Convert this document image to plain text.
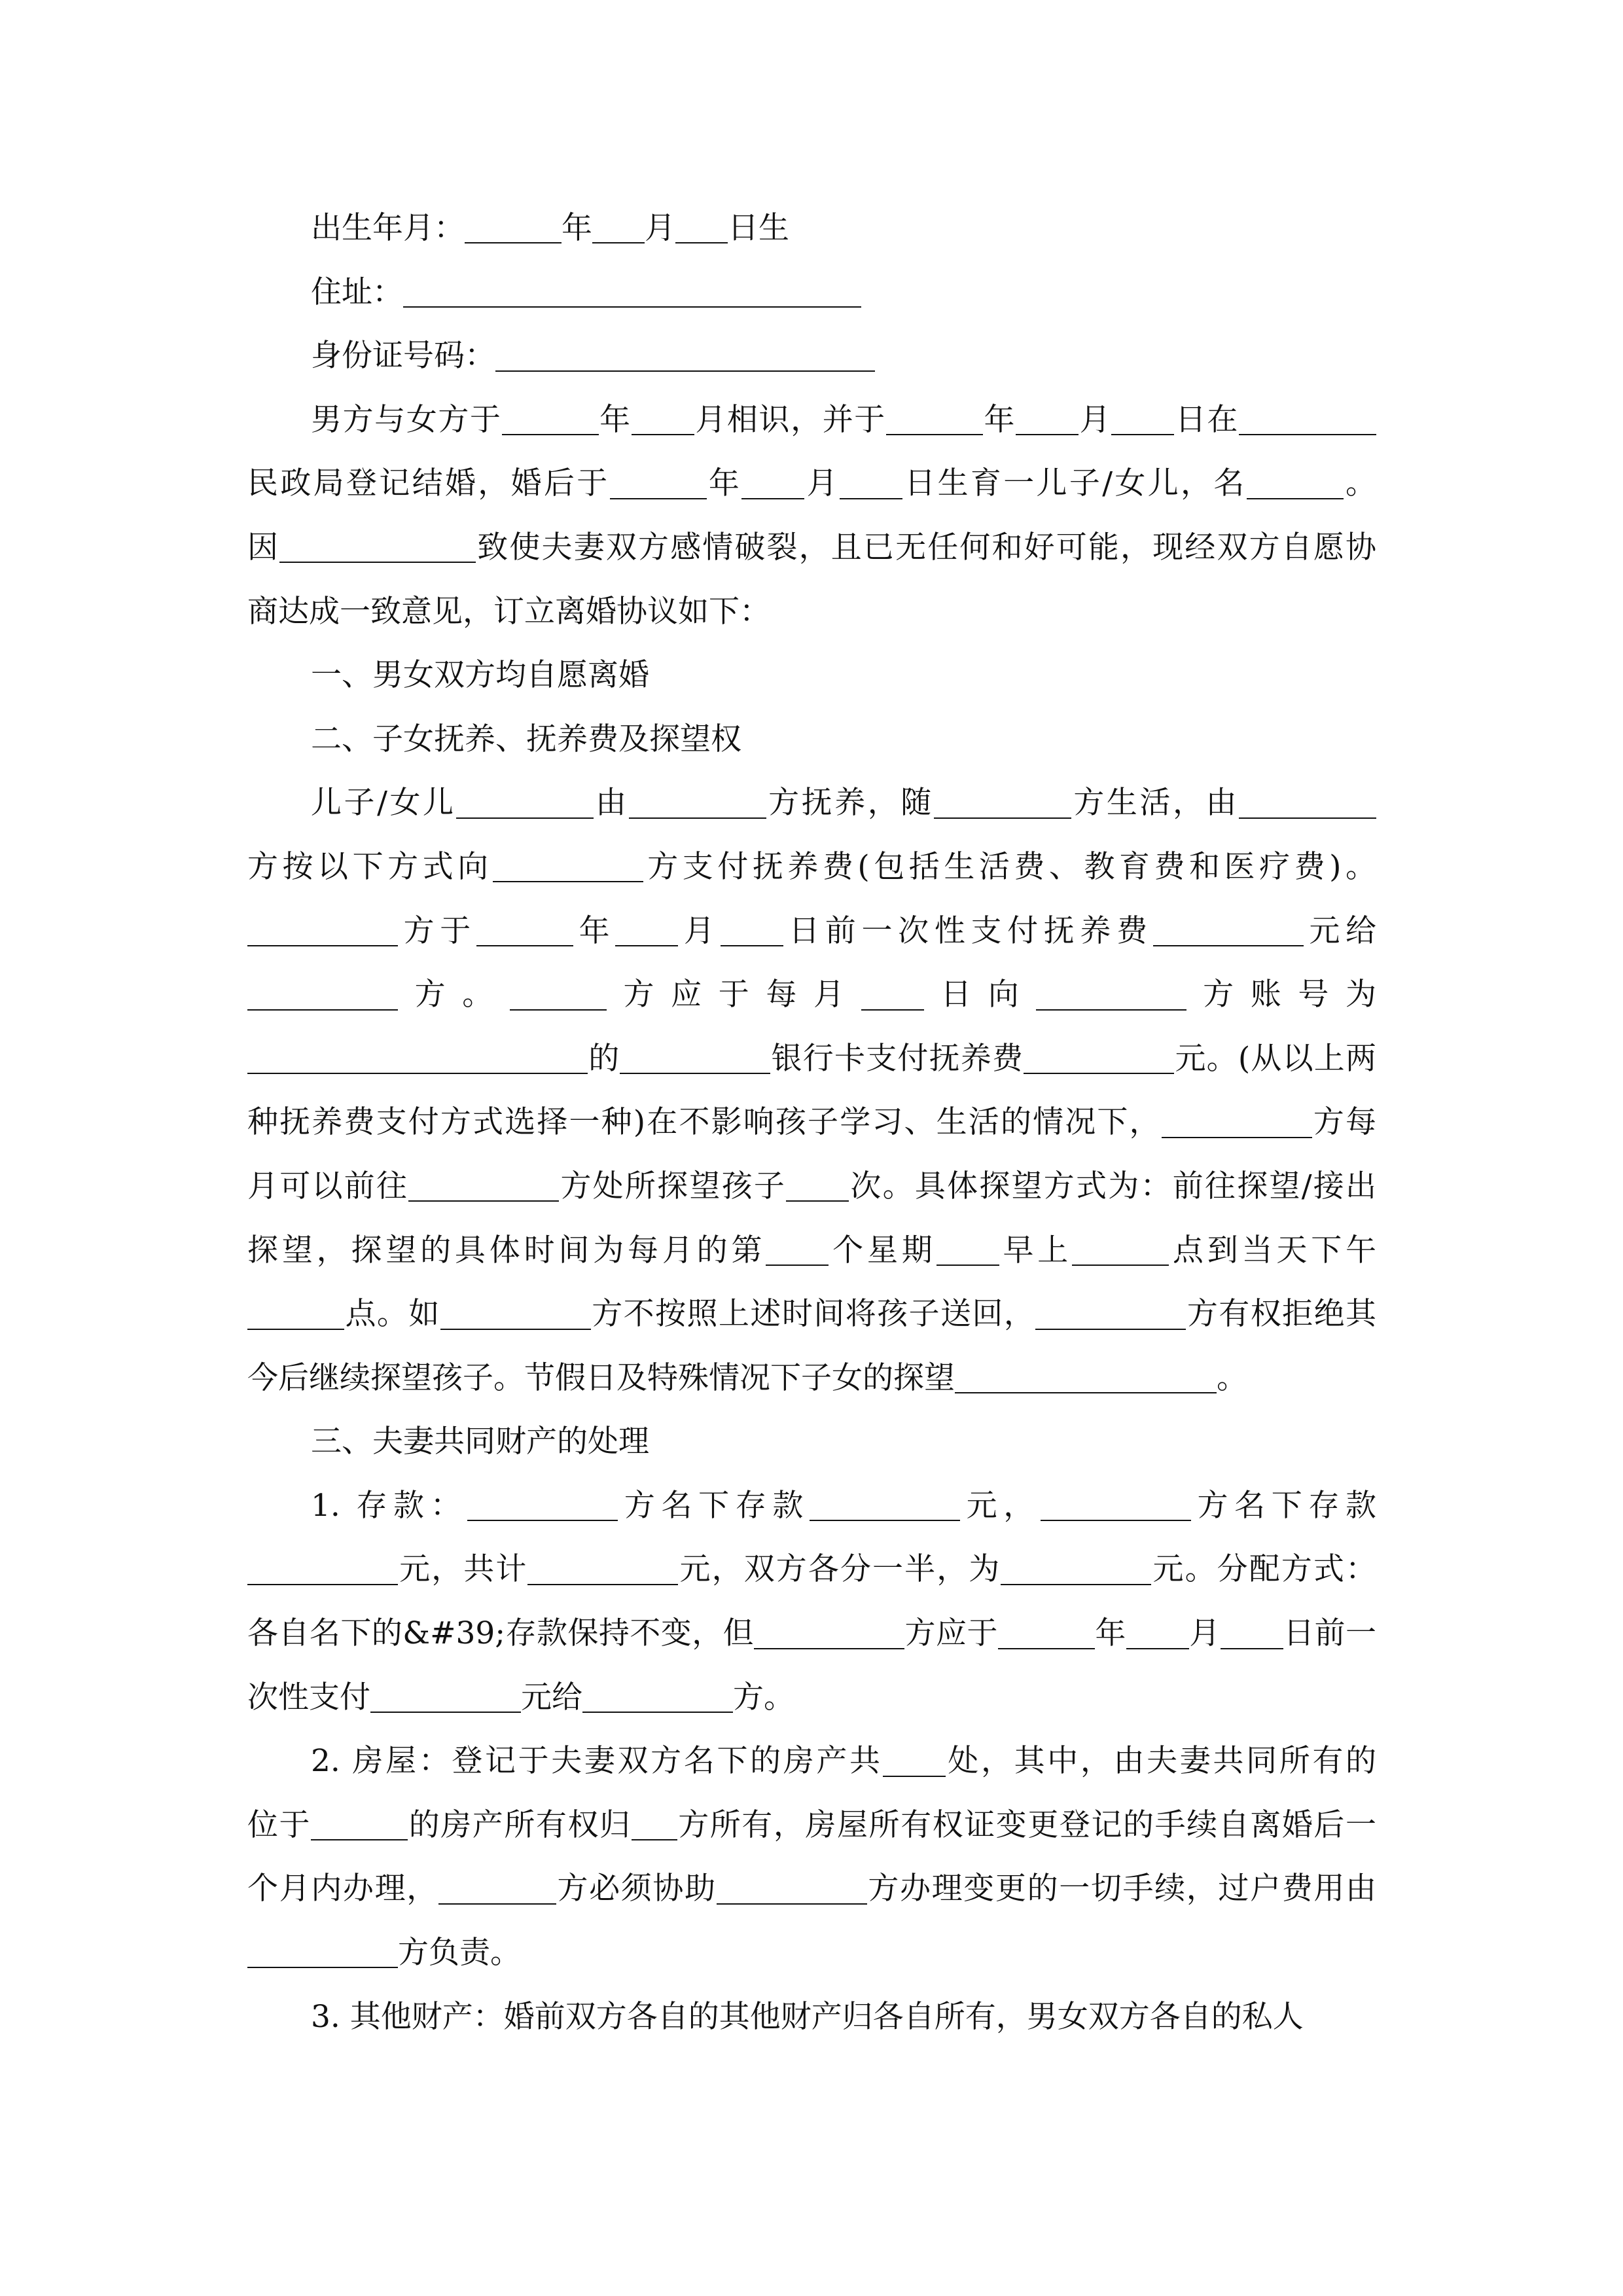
出生年月：	年 月 日生
住址：
身份证号码：
男方与女方于	年 月相识，并于	年 月 日在
民政局登记结婚，婚后于	年 月 日生育一儿子/女儿，名	。
因	致使夫妻双方感情破裂，且已无任何和好可能，现经双方自愿协
商达成一致意见，订立离婚协议如下：
一、男女双方均自愿离婚
二、子女抚养、抚养费及探望权
儿子/女儿	由	方抚养，随	方生活，由
方按以下方式向	方支付抚养费(包括生活费、教育费和医疗费)。
方于	年 月 日前一次性支付抚养费	元给
方。	方应于每月 日向	方账号为
的	银行卡支付抚养费	元。(从以上两
种抚养费支付方式选择一种)在不影响孩子学习、生活的情况下，	方每
月可以前往	方处所探望孩子 次。具体探望方式为：前往探望/接出
探望，探望的具体时间为每月的第 个星期 早上	点到当天下午
点。如	方不按照上述时间将孩子送回，	方有权拒绝其
今后继续探望孩子。节假日及特殊情况下子女的探望	。
三、夫妻共同财产的处理
1. 存款：	方名下存款	元，	方名下存款
元，共计	元，双方各分一半，为	元。分配方式：
各自名下的&#39;存款保持不变，但	方应于	年 月 日前一
次性支付	元给	方。
2. 房屋：登记于夫妻双方名下的房产共 处，其中，由夫妻共同所有的
位于	的房产所有权归 方所有，房屋所有权证变更登记的手续自离婚后一
个月内办理，	方必须协助	方办理变更的一切手续，过户费用由
方负责。
3. 其他财产：婚前双方各自的其他财产归各自所有，男女双方各自的私人
